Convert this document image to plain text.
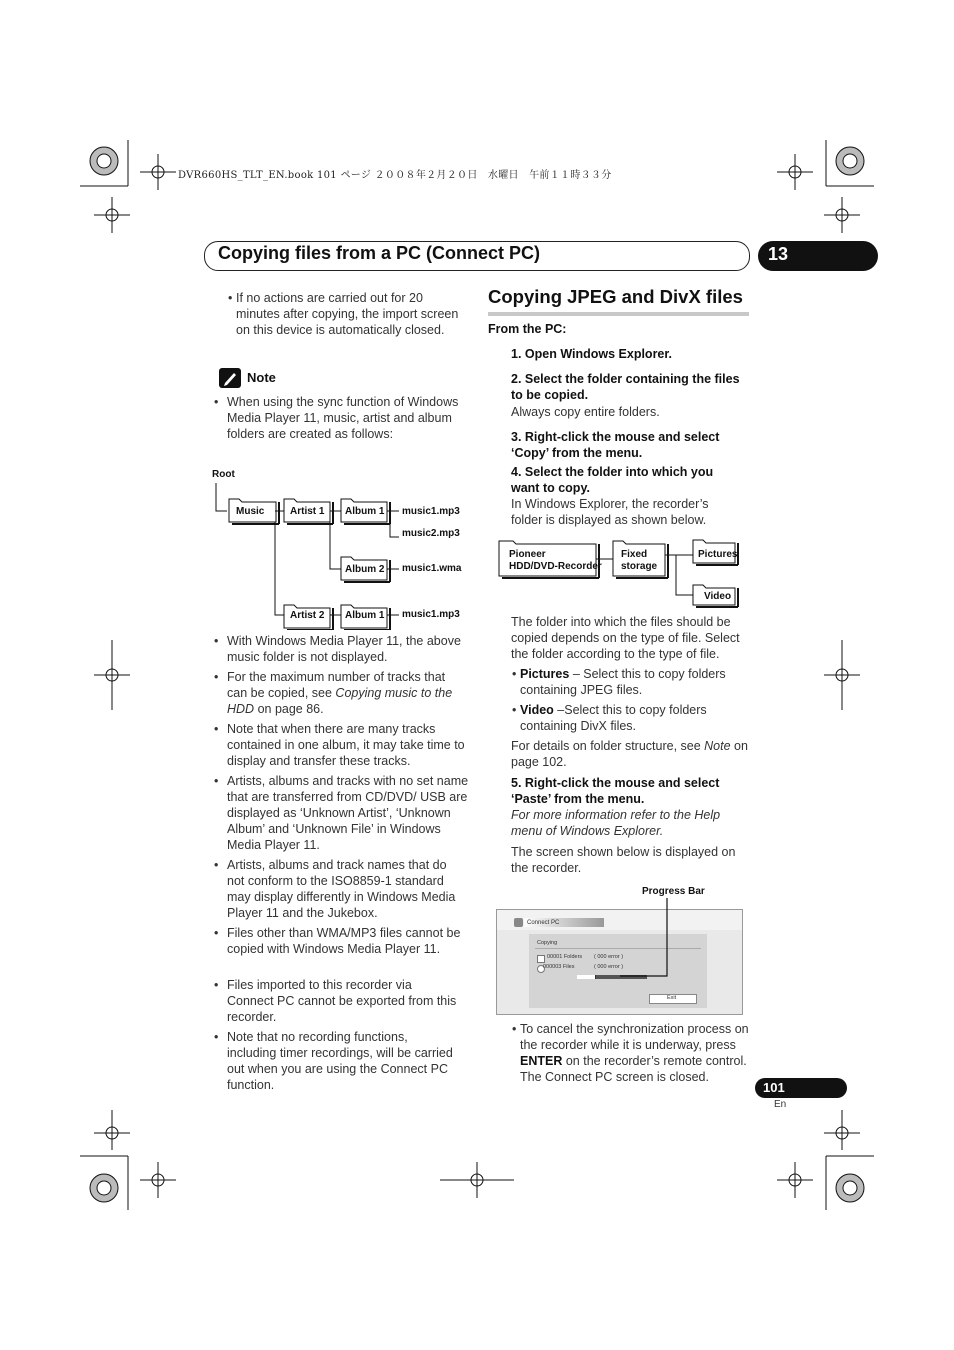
DVR660HS_TLT_EN.book 101 ページ ２００８年２月２０日　水曜日　午前１１時３３分
Copying files from a PC (Connect PC)	13
• If no actions are carried out for 20 minutes after copying, the import screen on this device is automatically closed.
Note
• When using the sync function of Windows Media Player 11, music, artist and album folders are created as follows:
Root
Music	Artist 1 Album 1
Album 2
Artist 2 Album 1
music1.mp3
music2.mp3
music1.wma
music1.mp3
• With Windows Media Player 11, the above music folder is not displayed.
• For the maximum number of tracks that can be copied, see Copying music to the HDD on page 86.
• Note that when there are many tracks contained in one album, it may take time to display and transfer these tracks.
• Artists, albums and tracks with no set name that are transferred from CD/DVD/ USB are displayed as ‘Unknown Artist’, ‘Unknown Album’ and ‘Unknown File’ in Windows Media Player 11.
• Artists, albums and track names that do not conform to the ISO8859-1 standard may display differently in Windows Media Player 11 and the Jukebox.
• Files other than WMA/MP3 files cannot be copied with Windows Media Player 11.
• Files imported to this recorder via Connect PC cannot be exported from this recorder.
• Note that no recording functions, including timer recordings, will be carried out when you are using the Connect PC function.
Copying JPEG and DivX files
From the PC:
1. Open Windows Explorer.
2. Select the folder containing the files to be copied.
Always copy entire folders.
3. Right-click the mouse and select ‘Copy’ from the menu.
4. Select the folder into which you want to copy.
In Windows Explorer, the recorder’s folder is displayed as shown below.
Pioneer
HDD/DVD-Recorder
Fixed
storage
Pictures
Video
The folder into which the files should be copied depends on the type of file. Select the folder according to the type of file.
• Pictures – Select this to copy folders containing JPEG files.
• Video –Select this to copy folders containing DivX files.
For details on folder structure, see Note on page 102.
5. Right-click the mouse and select ‘Paste’ from the menu.
For more information refer to the Help menu of Windows Explorer.
The screen shown below is displayed on the recorder.
Progress Bar
Connect PC
Copying
00001 Folders ( 000 error )
000003 Files	( 000 error )
Exit
• To cancel the synchronization process on the recorder while it is underway, press ENTER on the recorder’s remote control. The Connect PC screen is closed.
101
En
